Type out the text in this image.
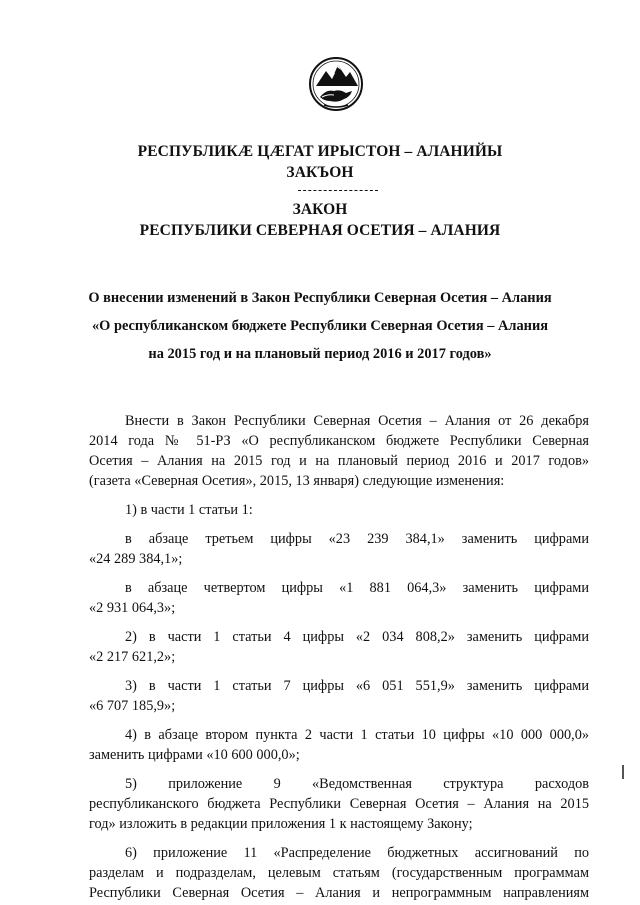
РЕСПУБЛИКÆ ЦÆГАТ ИРЫСТОН – АЛАНИЙЫ
ЗАКЪОН
ЗАКОН
РЕСПУБЛИКИ СЕВЕРНАЯ ОСЕТИЯ – АЛАНИЯ
О внесении изменений в Закон Республики Северная Осетия – Алания
«О республиканском бюджете Республики Северная Осетия – Алания
на 2015 год и на плановый период 2016 и 2017 годов»

Внести в Закон Республики Северная Осетия – Алания от 26 декабря

2014 года № 51-РЗ «О республиканском бюджете Республики Северная

Осетия – Алания на 2015 год и на плановый период 2016 и 2017 годов»

(газета «Северная Осетия», 2015, 13 января) следующие изменения:

1) в части 1 статьи 1:

в абзаце третьем цифры «23 239 384,1» заменить цифрами

«24 289 384,1»;

в абзаце четвертом цифры «1 881 064,3» заменить цифрами

«2 931 064,3»;

2) в части 1 статьи 4 цифры «2 034 808,2» заменить цифрами

«2 217 621,2»;

3) в части 1 статьи 7 цифры «6 051 551,9» заменить цифрами

«6 707 185,9»;

4) в абзаце втором пункта 2 части 1 статьи 10 цифры «10 000 000,0»

заменить цифрами «10 600 000,0»;

5) приложение 9 «Ведомственная структура расходов

республиканского бюджета Республики Северная Осетия – Алания на 2015

год» изложить в редакции приложения 1 к настоящему Закону;

6) приложение 11 «Распределение бюджетных ассигнований по

разделам и подразделам, целевым статьям (государственным программам

Республики Северная Осетия – Алания и непрограммным направлениям
